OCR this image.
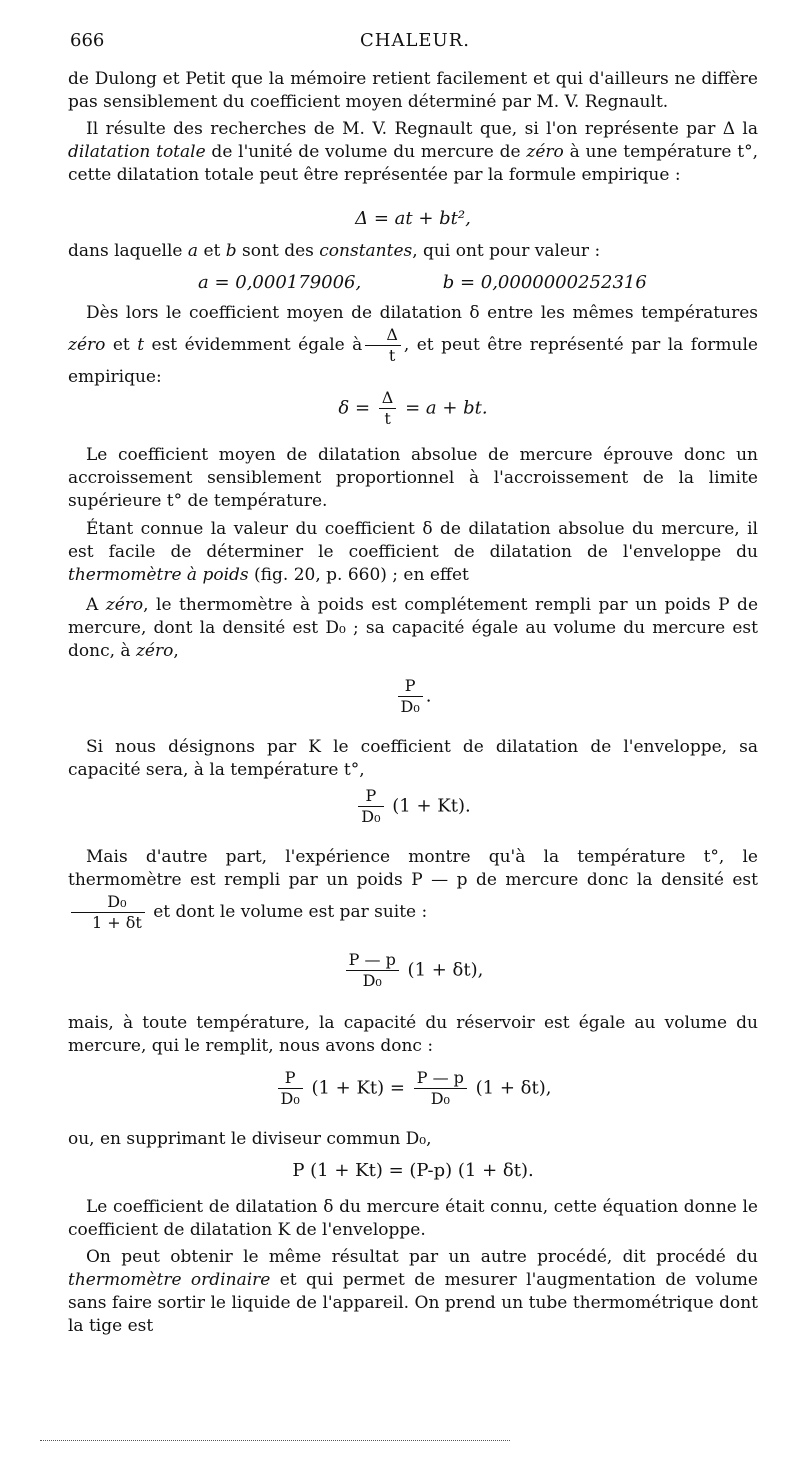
666	CHALEUR.

de Dulong et Petit que la mémoire retient facilement et qui d'ailleurs ne diffère pas sensiblement du coefficient moyen déterminé par M. V. Regnault.

Il résulte des recherches de M. V. Regnault que, si l'on représente par Δ la dilatation totale de l'unité de volume du mercure de zéro à une température t°, cette dilatation totale peut être représentée par la formule empirique :

Δ = at + bt²,

dans laquelle a et b sont des constantes, qui ont pour valeur :

a = 0,000179006,	b = 0,0000000252316

Dès lors le coefficient moyen de dilatation δ entre les mêmes températures zéro et t est évidemment égale à $\frac{\Delta}{t}$ , et peut être représenté par la formule empirique:

$\delta = \frac{\Delta}{t} = a$ + bt.

Le coefficient moyen de dilatation absolue de mercure éprouve donc un accroissement sensiblement proportionnel à l'accroissement de la limite supérieure t° de température.

Étant connue la valeur du coefficient δ de dilatation absolue du mercure, il est facile de déterminer le coefficient de dilatation de l'enveloppe du thermomètre à poids (fig. 20, p. 660) ; en effet

A zéro, le thermomètre à poids est complétement rempli par un poids P de mercure, dont la densité est D₀ ; sa capacité égale au volume du mercure est donc, à zéro,

$\frac{P}{\text{D₀}}$ .

Si nous désignons par K le coefficient de dilatation de l'enveloppe, sa capacité sera, à la température t°,

$\frac{P}{\text{D₀}} (1 + Kt)$.

Mais d'autre part, l'expérience montre qu'à la température t°, le thermomètre est rempli par un poids P — p de mercure donc la densité est
$\frac{\text{D₀}}{1 + \delta t}$ et dont le volume est par suite :

$\frac{P — p}{\text{D₀}} (1 + \delta t)$,

mais, à toute température, la capacité du réservoir est égale au volume du mercure, qui le remplit, nous avons donc :

$\frac{P}{\text{D₀}} (1 + Kt) = \frac{P — p}{\text{D₀}} (1 + \delta t)$,

ou, en supprimant le diviseur commun D₀,

P (1 + Kt) = (P-p) (1 + δt).

Le coefficient de dilatation δ du mercure était connu, cette équation donne le coefficient de dilatation K de l'enveloppe.

On peut obtenir le même résultat par un autre procédé, dit procédé du thermomètre ordinaire et qui permet de mesurer l'augmentation de volume sans faire sortir le liquide de l'appareil. On prend un tube thermométrique dont la tige est
